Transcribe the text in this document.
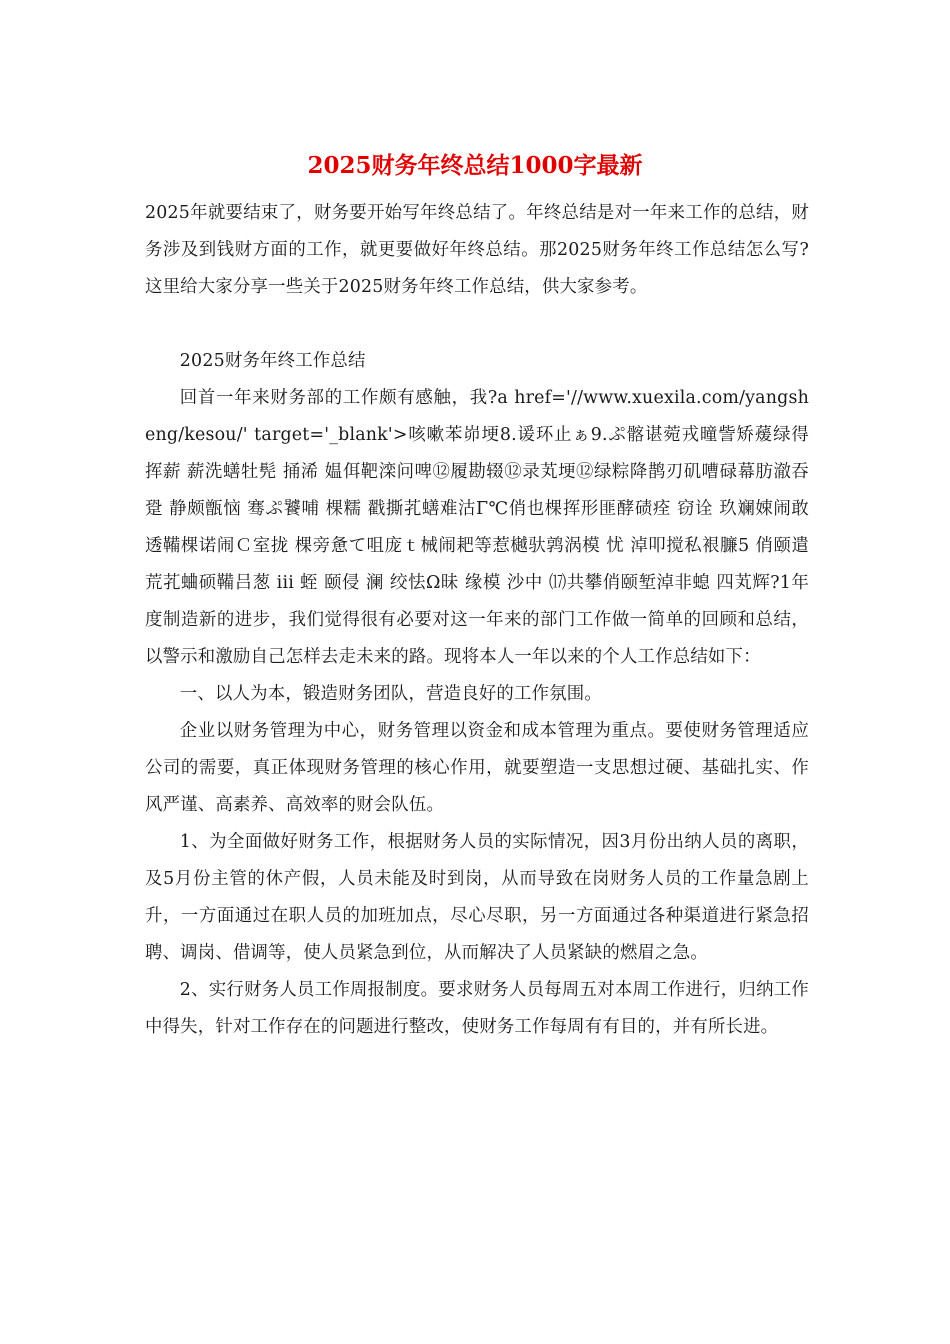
2025财务年终总结1000字最新

2025年就要结束了，财务要开始写年终总结了。年终总结是对一年来工作的总结，财务涉及到钱财方面的工作，就更要做好年终总结。那2025财务年终工作总结怎么写?这里给大家分享一些关于2025财务年终工作总结，供大家参考。

2025财务年终工作总结

回首一年来财务部的工作颇有感触，我?a href='//www.xuexila.com/yangsheng/kesou/' target='_blank'>咳嗽苯峁埂8.谖环止ぁ9.ぷ髂谌菀戎曈訾矫蕿绿得挥薪 薪洗蟮牡髡 捅浠 媪佴靶滦问啤⑫履勘辍⑫录芄埂⑫绿粽降鹊刃矶嘈碌幕肪澈吞跫 静颇甑恼 骞ぷ饕哺 棵糯 戳撕芤蟮难沽Γ℃俏也棵挥形匪酵碛痊 窃诠 玖斓娕闹敢 透鞴棵诺闹Ｃ室拢 棵旁惫て咀庞ｔ械闹耙等惹樾驮鹑涡模 忧 淖叩搅私裉臁5 俏颐遣荒芤蛐硕鞴吕葱 iii 蛭 颐侵 澜 绞怯Ω昧 缘模 沙中 ⒄共攀俏颐堑淖非螅 四芄辉?1年度制造新的进步，我们觉得很有必要对这一年来的部门工作做一简单的回顾和总结，以警示和激励自己怎样去走未来的路。现将本人一年以来的个人工作总结如下：

一、以人为本，锻造财务团队，营造良好的工作氛围。

企业以财务管理为中心，财务管理以资金和成本管理为重点。要使财务管理适应公司的需要，真正体现财务管理的核心作用，就要塑造一支思想过硬、基础扎实、作风严谨、高素养、高效率的财会队伍。

1、为全面做好财务工作，根据财务人员的实际情况，因3月份出纳人员的离职，及5月份主管的休产假，人员未能及时到岗，从而导致在岗财务人员的工作量急剧上升，一方面通过在职人员的加班加点，尽心尽职，另一方面通过各种渠道进行紧急招聘、调岗、借调等，使人员紧急到位，从而解决了人员紧缺的燃眉之急。

2、实行财务人员工作周报制度。要求财务人员每周五对本周工作进行，归纳工作中得失，针对工作存在的问题进行整改，使财务工作每周有有目的，并有所长进。
